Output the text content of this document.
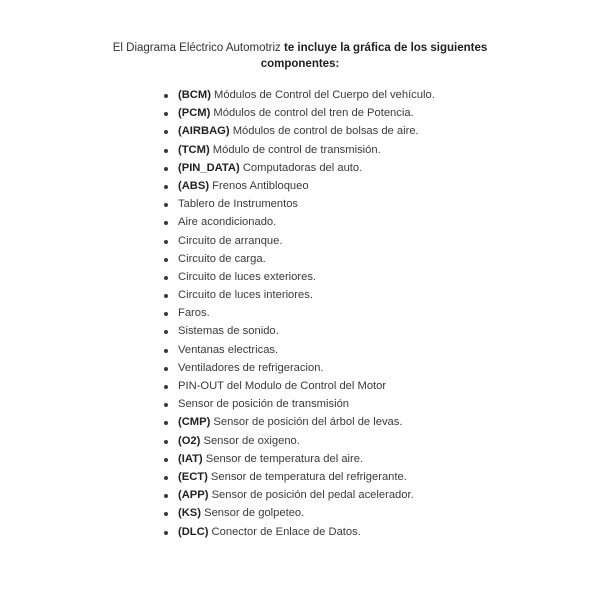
El Diagrama Eléctrico Automotriz te incluye la gráfica de los siguientes
componentes:
(BCM) Módulos de Control del Cuerpo del vehículo.
(PCM) Módulos de control del tren de Potencia.
(AIRBAG) Módulos de control de bolsas de aire.
(TCM) Módulo de control de transmisión.
(PIN_DATA) Computadoras del auto.
(ABS) Frenos Antibloqueo
Tablero de Instrumentos
Aire acondicionado.
Circuito de arranque.
Circuito de carga.
Circuito de luces exteriores.
Circuito de luces interiores.
Faros.
Sistemas de sonido.
Ventanas electricas.
Ventiladores de refrigeracion.
PIN-OUT del Modulo de Control del Motor
Sensor de posición de transmisión
(CMP) Sensor de posición del árbol de levas.
(O2) Sensor de oxigeno.
(IAT) Sensor de temperatura del aire.
(ECT) Sensor de temperatura del refrigerante.
(APP) Sensor de posición del pedal acelerador.
(KS) Sensor de golpeteo.
(DLC) Conector de Enlace de Datos.
